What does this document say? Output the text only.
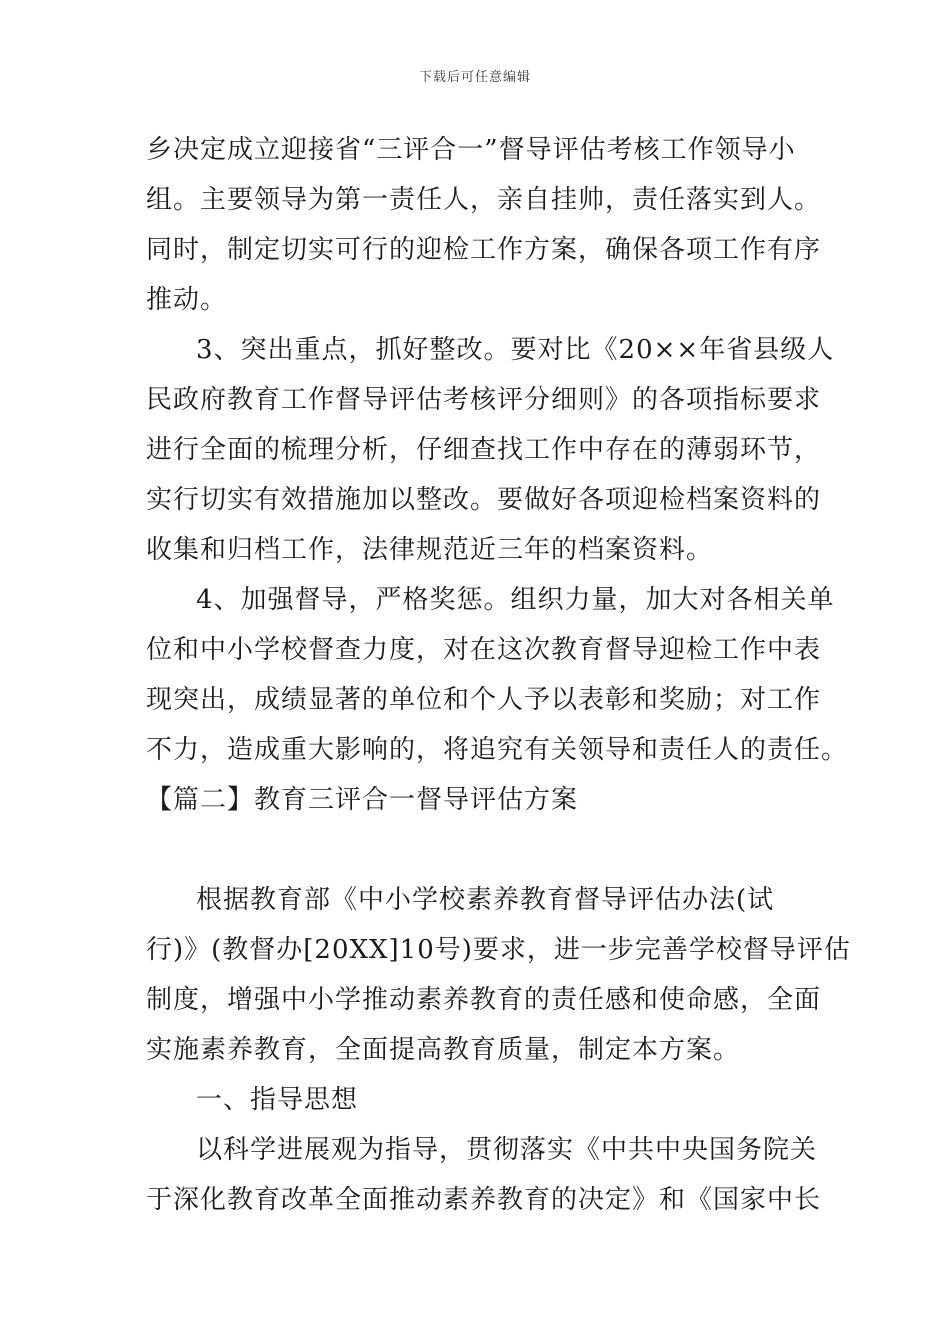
下载后可任意编辑
乡决定成立迎接省“三评合一”督导评估考核工作领导小
组。主要领导为第一责任人，亲自挂帅，责任落实到人。
同时，制定切实可行的迎检工作方案，确保各项工作有序
推动。
3、突出重点，抓好整改。要对比《20××年省县级人
民政府教育工作督导评估考核评分细则》的各项指标要求
进行全面的梳理分析，仔细查找工作中存在的薄弱环节，
实行切实有效措施加以整改。要做好各项迎检档案资料的
收集和归档工作，法律规范近三年的档案资料。
4、加强督导，严格奖惩。组织力量，加大对各相关单
位和中小学校督查力度，对在这次教育督导迎检工作中表
现突出，成绩显著的单位和个人予以表彰和奖励；对工作
不力，造成重大影响的，将追究有关领导和责任人的责任。
【篇二】教育三评合一督导评估方案
根据教育部《中小学校素养教育督导评估办法(试
行)》(教督办[20XX]10号)要求，进一步完善学校督导评估
制度，增强中小学推动素养教育的责任感和使命感，全面
实施素养教育，全面提高教育质量，制定本方案。
一、指导思想
以科学进展观为指导，贯彻落实《中共中央国务院关
于深化教育改革全面推动素养教育的决定》和《国家中长
